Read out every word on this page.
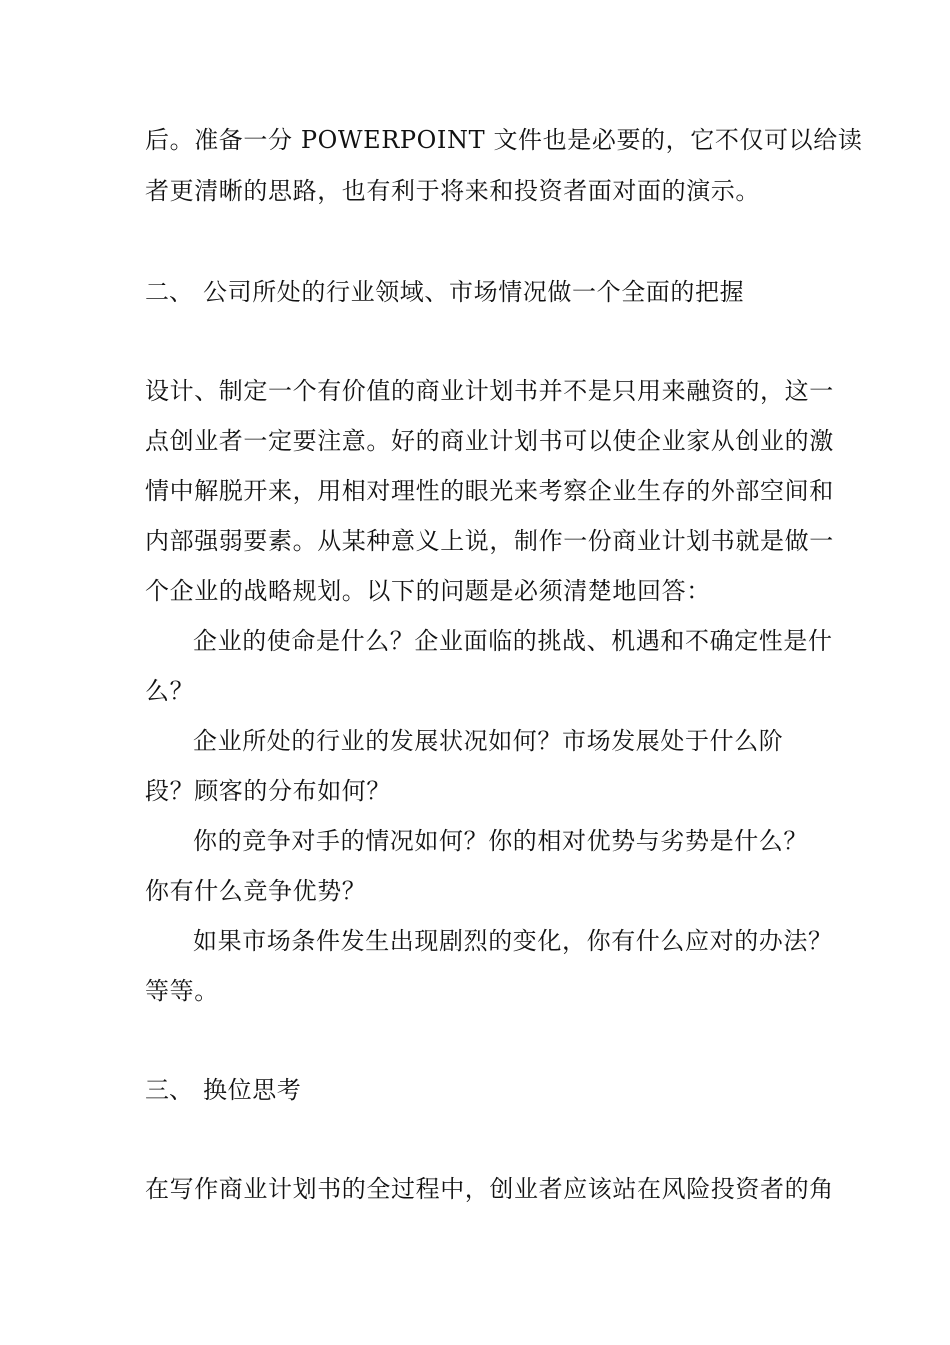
后。准备一分 POWERPOINT 文件也是必要的，它不仅可以给读
者更清晰的思路，也有利于将来和投资者面对面的演示。
二、 公司所处的行业领域、市场情况做一个全面的把握
设计、制定一个有价值的商业计划书并不是只用来融资的，这一
点创业者一定要注意。好的商业计划书可以使企业家从创业的激
情中解脱开来，用相对理性的眼光来考察企业生存的外部空间和
内部强弱要素。从某种意义上说，制作一份商业计划书就是做一
个企业的战略规划。以下的问题是必须清楚地回答：
企业的使命是什么？企业面临的挑战、机遇和不确定性是什
么？
企业所处的行业的发展状况如何？市场发展处于什么阶
段？顾客的分布如何？
你的竞争对手的情况如何？你的相对优势与劣势是什么？
你有什么竞争优势？
如果市场条件发生出现剧烈的变化，你有什么应对的办法？
等等。
三、 换位思考
在写作商业计划书的全过程中，创业者应该站在风险投资者的角
